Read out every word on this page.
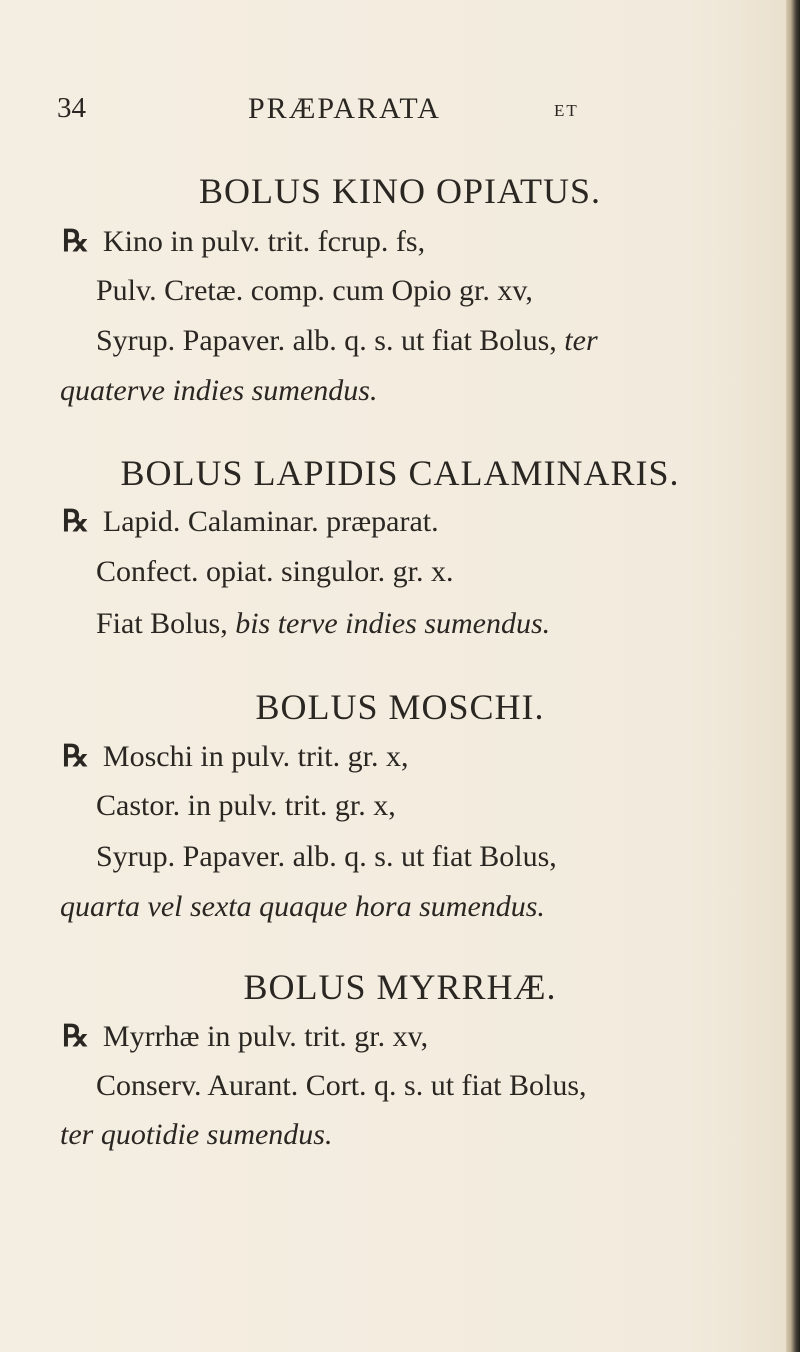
34	PRÆPARATA	ET
BOLUS KINO OPIATUS.
℞ Kino in pulv. trit. fcrup. fs,
Pulv. Cretæ. comp. cum Opio gr. xv,
Syrup. Papaver. alb. q. s. ut fiat Bolus, ter
quaterve indies sumendus.
BOLUS LAPIDIS CALAMINARIS.
℞ Lapid. Calaminar. præparat.
Confect. opiat. singulor. gr. x.
Fiat Bolus, bis terve indies sumendus.
BOLUS MOSCHI.
℞ Moschi in pulv. trit. gr. x,
Castor. in pulv. trit. gr. x,
Syrup. Papaver. alb. q. s. ut fiat Bolus,
quarta vel sexta quaque hora sumendus.
BOLUS MYRRHÆ.
℞ Myrrhæ in pulv. trit. gr. xv,
Conserv. Aurant. Cort. q. s. ut fiat Bolus,
ter quotidie sumendus.
